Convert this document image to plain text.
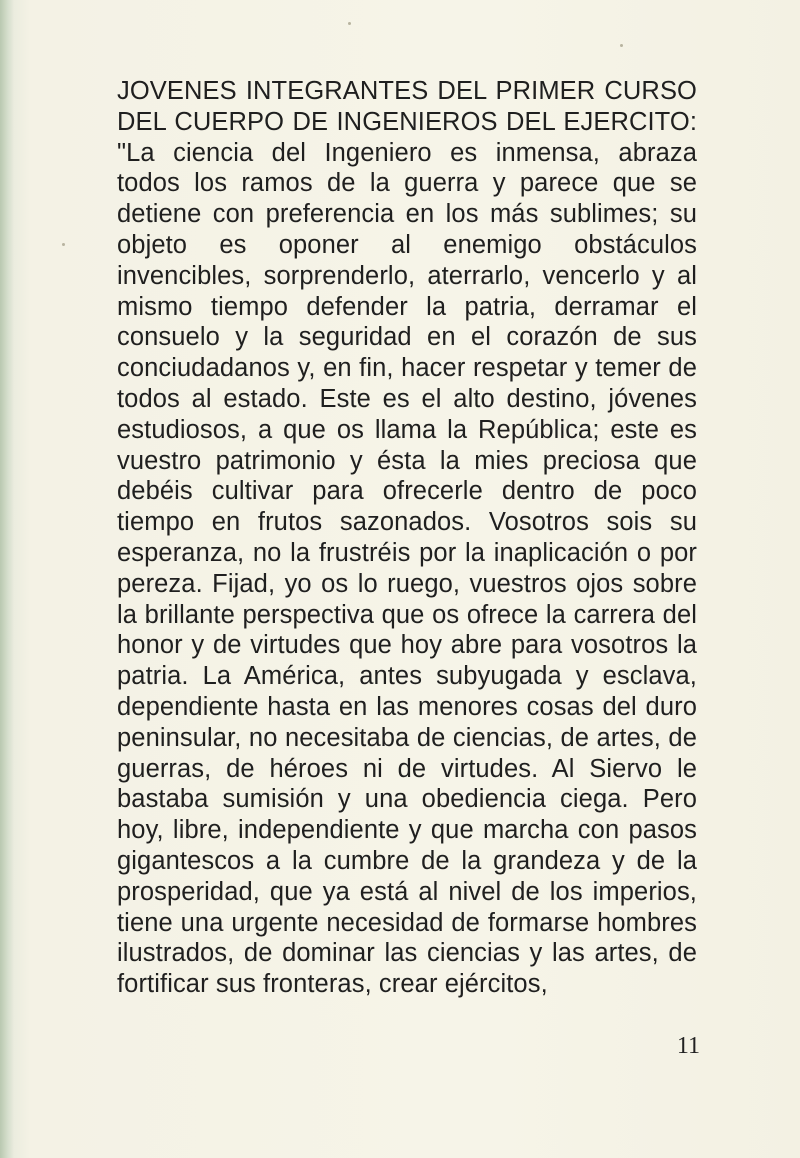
JOVENES INTEGRANTES DEL PRIMER CURSO DEL CUERPO DE INGENIEROS DEL EJERCITO: "La ciencia del Ingeniero es inmensa, abraza todos los ramos de la guerra y parece que se detiene con preferencia en los más sublimes; su objeto es oponer al enemigo obstáculos invencibles, sorprenderlo, aterrarlo, vencerlo y al mismo tiempo defender la patria, derramar el consuelo y la seguridad en el corazón de sus conciudadanos y, en fin, hacer respetar y temer de todos al estado. Este es el alto destino, jóvenes estudiosos, a que os llama la República; este es vuestro patrimonio y ésta la mies preciosa que debéis cultivar para ofrecerle dentro de poco tiempo en frutos sazonados. Vosotros sois su esperanza, no la frustréis por la inaplicación o por pereza. Fijad, yo os lo ruego, vuestros ojos sobre la brillante perspectiva que os ofrece la carrera del honor y de virtudes que hoy abre para vosotros la patria. La América, antes subyugada y esclava, dependiente hasta en las menores cosas del duro peninsular, no necesitaba de ciencias, de artes, de guerras, de héroes ni de virtudes. Al Siervo le bastaba sumisión y una obediencia ciega. Pero hoy, libre, independiente y que marcha con pasos gigantescos a la cumbre de la grandeza y de la prosperidad, que ya está al nivel de los imperios, tiene una urgente necesidad de formarse hombres ilustrados, de dominar las ciencias y las artes, de fortificar sus fronteras, crear ejércitos,

11
